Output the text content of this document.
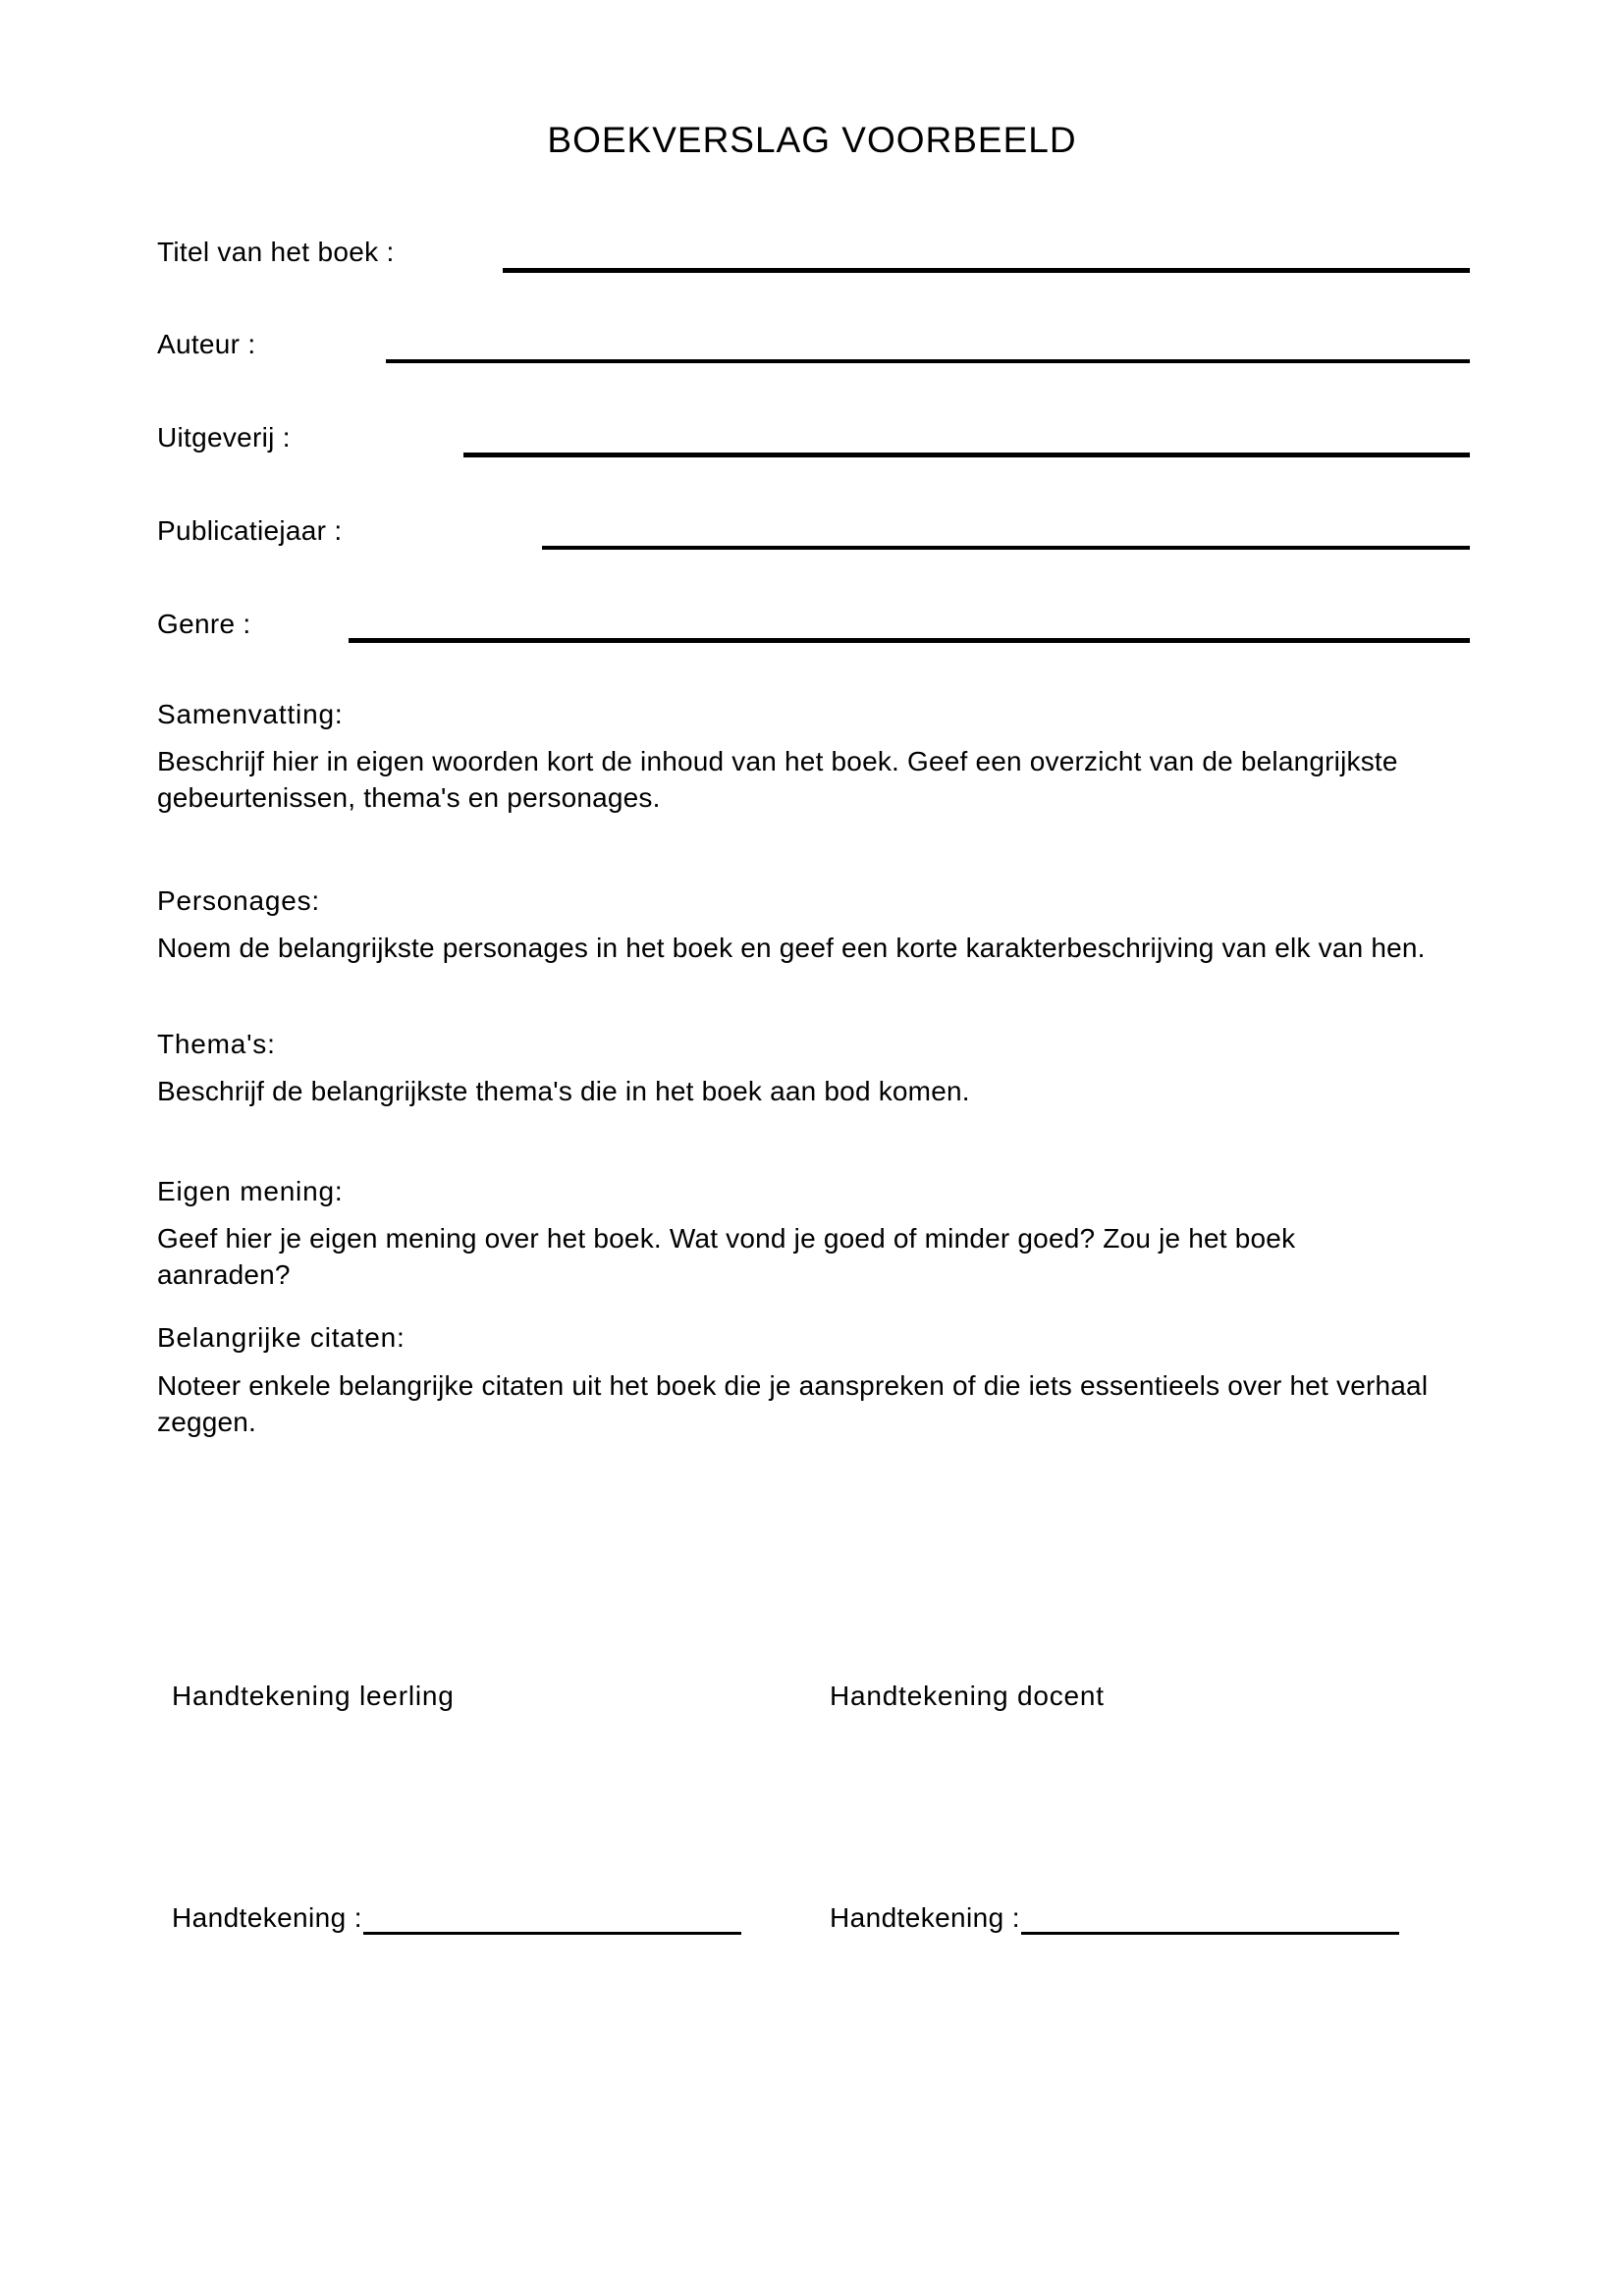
BOEKVERSLAG VOORBEELD
Titel van het boek :
Auteur :
Uitgeverij :
Publicatiejaar :
Genre :
Samenvatting:
Beschrijf hier in eigen woorden kort de inhoud van het boek. Geef een overzicht van de belangrijkste gebeurtenissen, thema's en personages.
Personages:
Noem de belangrijkste personages in het boek en geef een korte karakterbeschrijving van elk van hen.
Thema's:
Beschrijf de belangrijkste thema's die in het boek aan bod komen.
Eigen mening:
Geef hier je eigen mening over het boek. Wat vond je goed of minder goed? Zou je het boek aanraden?
Belangrijke citaten:
Noteer enkele belangrijke citaten uit het boek die je aanspreken of die iets essentieels over het verhaal zeggen.
Handtekening leerling	Handtekening docent
Handtekening :	Handtekening :
